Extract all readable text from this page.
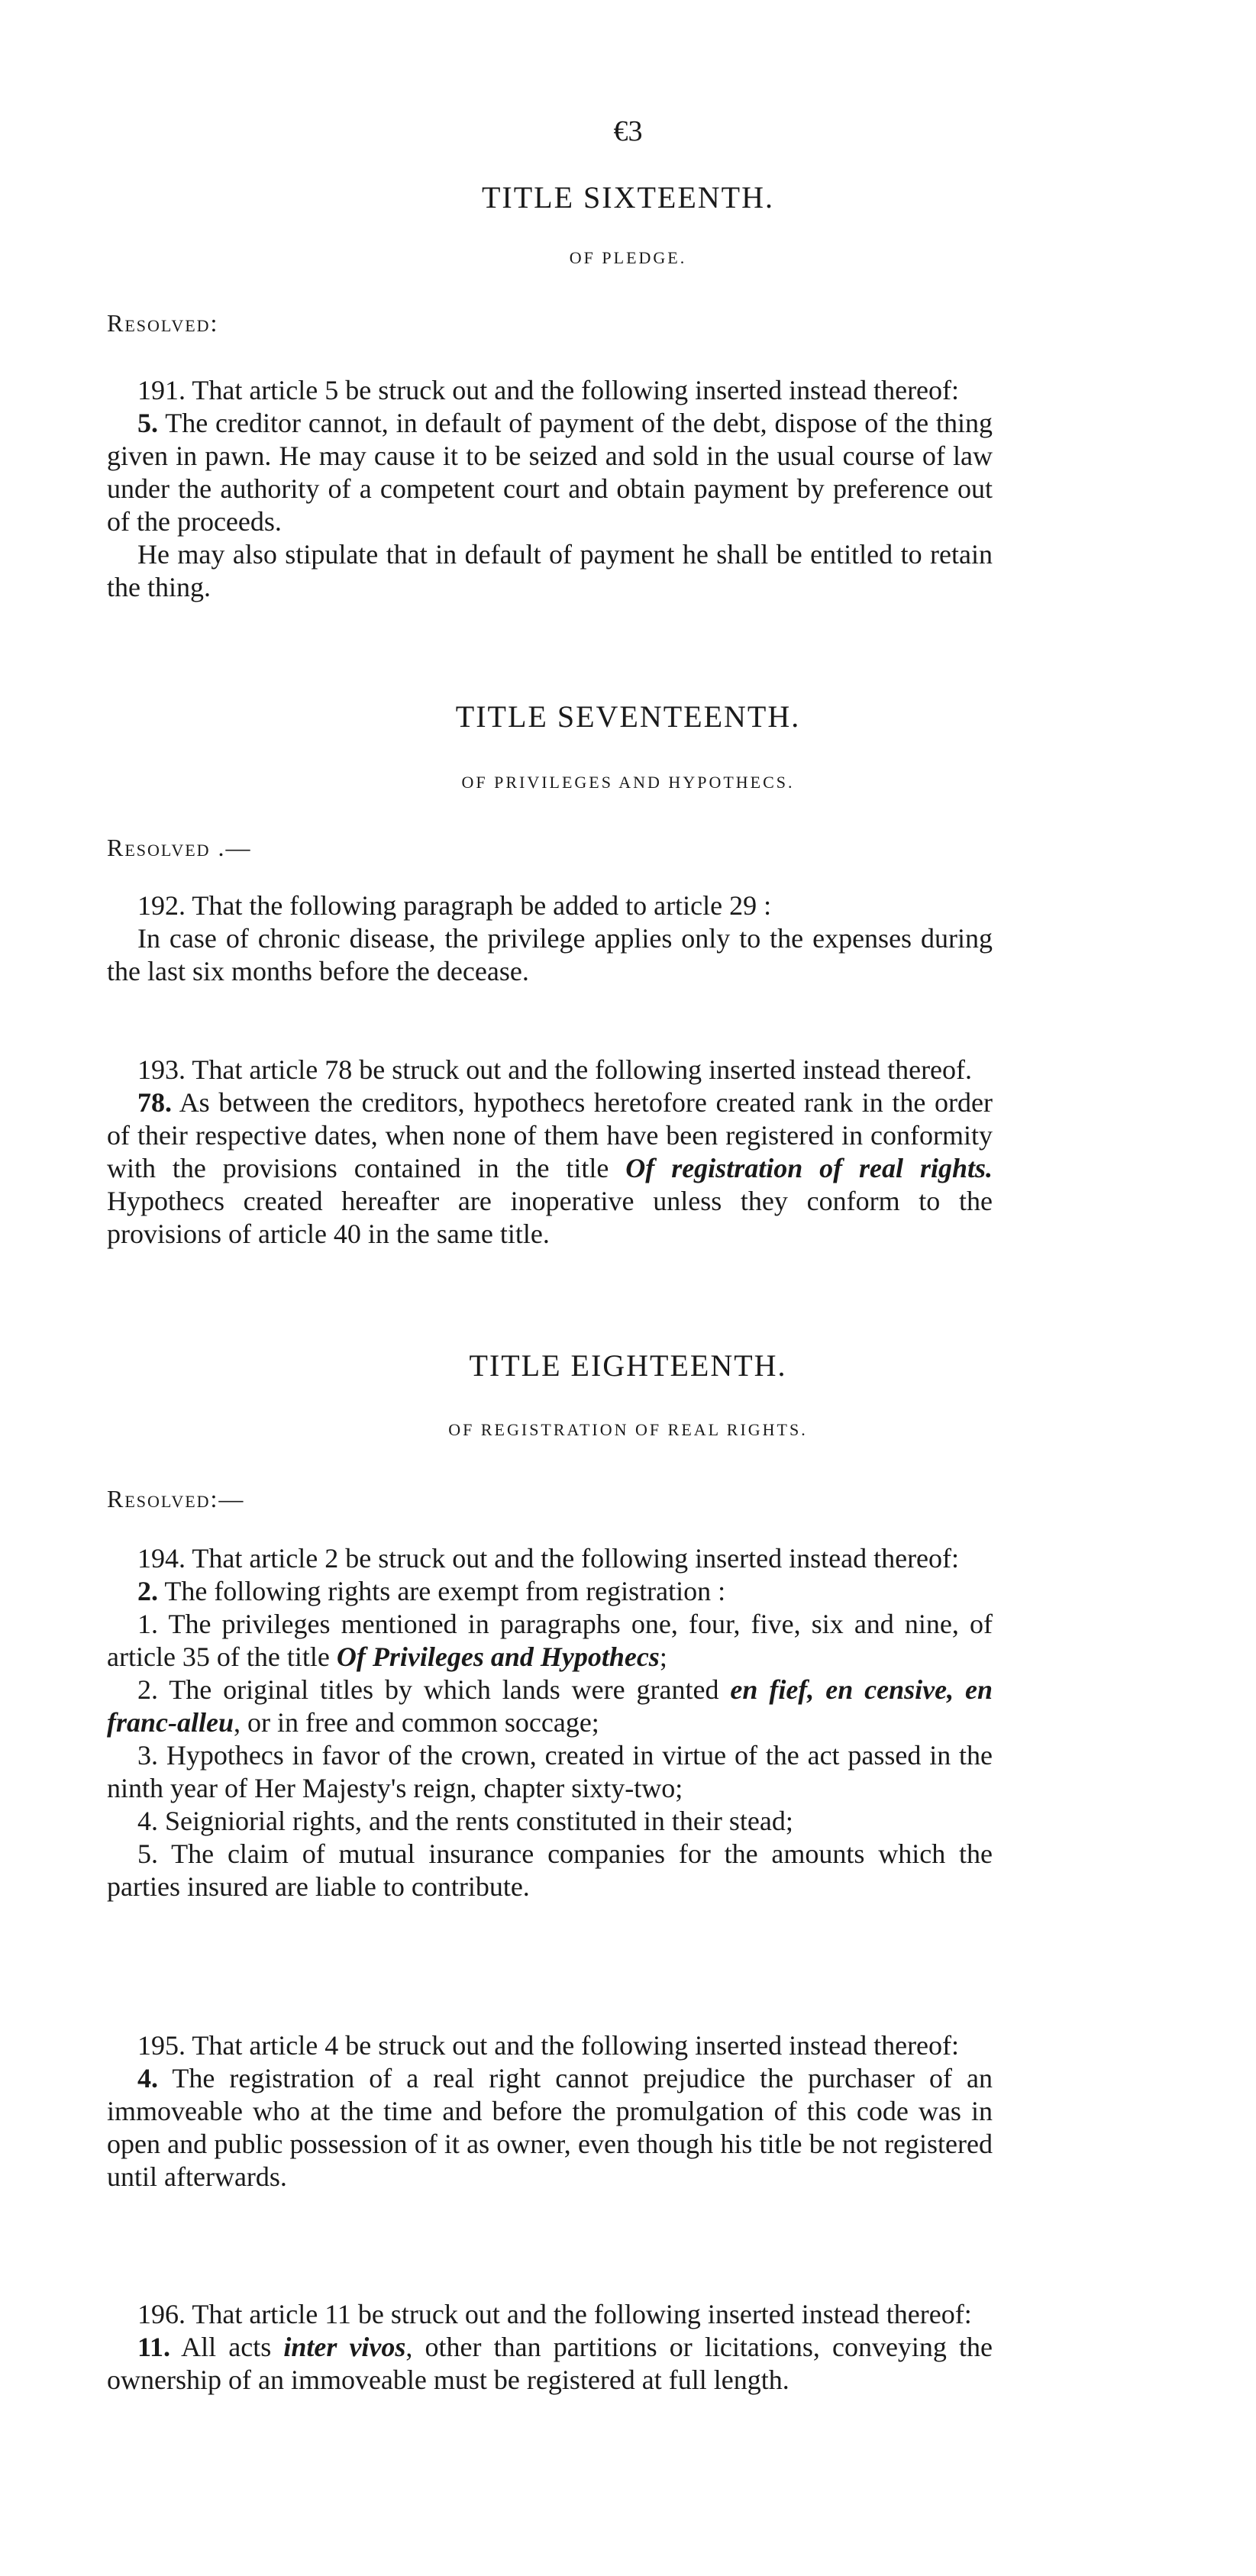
€3
TITLE SIXTEENTH.
OF PLEDGE.
Resolved:

191. That article 5 be struck out and the following inserted instead thereof:

5. The creditor cannot, in default of payment of the debt, dispose of the thing given in pawn. He may cause it to be seized and sold in the usual course of law under the authority of a competent court and obtain payment by preference out of the proceeds.

He may also stipulate that in default of payment he shall be entitled to retain the thing.

TITLE SEVENTEENTH.
OF PRIVILEGES AND HYPOTHECS.
Resolved .—

192. That the following paragraph be added to article 29 :

In case of chronic disease, the privilege applies only to the expenses during the last six months before the decease.

193. That article 78 be struck out and the following inserted instead thereof.

78. As between the creditors, hypothecs heretofore created rank in the order of their respective dates, when none of them have been registered in conformity with the provisions contained in the title Of registration of real rights. Hypothecs created hereafter are inoperative unless they conform to the provisions of article 40 in the same title.

TITLE EIGHTEENTH.
OF REGISTRATION OF REAL RIGHTS.
Resolved:—

194. That article 2 be struck out and the following inserted instead thereof:

2. The following rights are exempt from registration :

1. The privileges mentioned in paragraphs one, four, five, six and nine, of article 35 of the title Of Privileges and Hypothecs;

2. The original titles by which lands were granted en fief, en censive, en franc-alleu, or in free and common soccage;

3. Hypothecs in favor of the crown, created in virtue of the act passed in the ninth year of Her Majesty's reign, chapter sixty-two;

4. Seigniorial rights, and the rents constituted in their stead;

5. The claim of mutual insurance companies for the amounts which the parties insured are liable to contribute.

195. That article 4 be struck out and the following inserted instead thereof:

4. The registration of a real right cannot prejudice the purchaser of an immoveable who at the time and before the promulgation of this code was in open and public possession of it as owner, even though his title be not registered until afterwards.

196. That article 11 be struck out and the following inserted instead thereof:

11. All acts inter vivos, other than partitions or licitations, conveying the ownership of an immoveable must be registered at full length.
